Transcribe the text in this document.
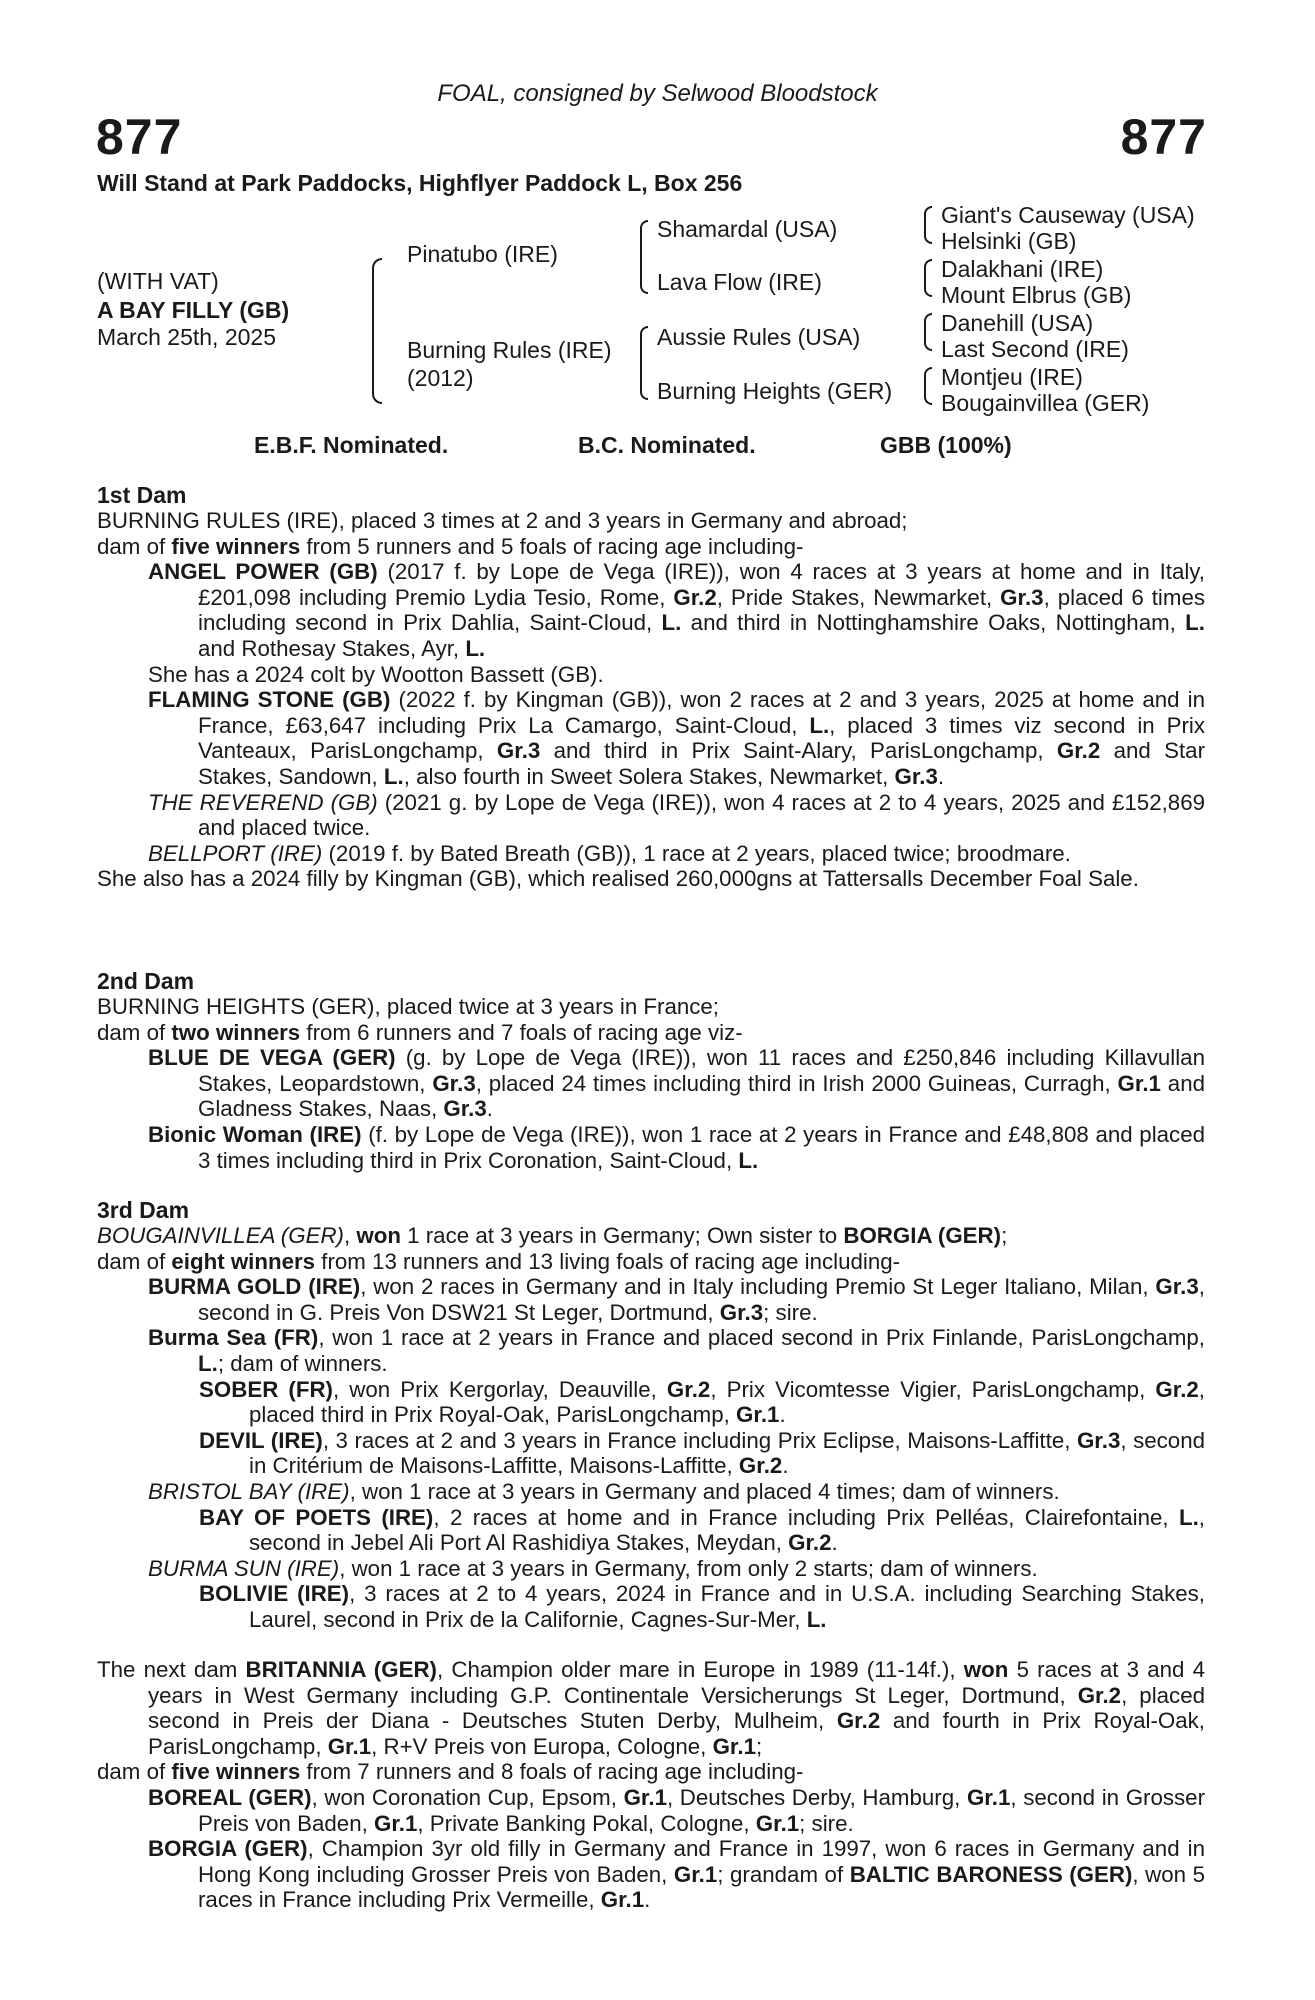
FOAL, consigned by Selwood Bloodstock
877	877
Will Stand at Park Paddocks, Highflyer Paddock L, Box 256
(WITH VAT)
A BAY FILLY (GB)
March 25th, 2025
Pinatubo (IRE)
Burning Rules (IRE)
(2012)
Shamardal (USA)
Lava Flow (IRE)
Aussie Rules (USA)
Burning Heights (GER)
Giant's Causeway (USA)
Helsinki (GB)
Dalakhani (IRE)
Mount Elbrus (GB)
Danehill (USA)
Last Second (IRE)
Montjeu (IRE)
Bougainvillea (GER)
E.B.F. Nominated.	B.C. Nominated.	GBB (100%)

1st Dam

BURNING RULES (IRE), placed 3 times at 2 and 3 years in Germany and abroad;

dam of five winners from 5 runners and 5 foals of racing age including-

ANGEL POWER (GB) (2017 f. by Lope de Vega (IRE)), won 4 races at 3 years at home and in Italy, £201,098 including Premio Lydia Tesio, Rome, Gr.2, Pride Stakes, Newmarket, Gr.3, placed 6 times including second in Prix Dahlia, Saint-Cloud, L. and third in Nottinghamshire Oaks, Nottingham, L. and Rothesay Stakes, Ayr, L.

She has a 2024 colt by Wootton Bassett (GB).

FLAMING STONE (GB) (2022 f. by Kingman (GB)), won 2 races at 2 and 3 years, 2025 at home and in France, £63,647 including Prix La Camargo, Saint-Cloud, L., placed 3 times viz second in Prix Vanteaux, ParisLongchamp, Gr.3 and third in Prix Saint-Alary, ParisLongchamp, Gr.2 and Star Stakes, Sandown, L., also fourth in Sweet Solera Stakes, Newmarket, Gr.3.

THE REVEREND (GB) (2021 g. by Lope de Vega (IRE)), won 4 races at 2 to 4 years, 2025 and £152,869 and placed twice.

BELLPORT (IRE) (2019 f. by Bated Breath (GB)), 1 race at 2 years, placed twice; broodmare.

She also has a 2024 filly by Kingman (GB), which realised 260,000gns at Tattersalls December Foal Sale.

2nd Dam

BURNING HEIGHTS (GER), placed twice at 3 years in France;

dam of two winners from 6 runners and 7 foals of racing age viz-

BLUE DE VEGA (GER) (g. by Lope de Vega (IRE)), won 11 races and £250,846 including Killavullan Stakes, Leopardstown, Gr.3, placed 24 times including third in Irish 2000 Guineas, Curragh, Gr.1 and Gladness Stakes, Naas, Gr.3.

Bionic Woman (IRE) (f. by Lope de Vega (IRE)), won 1 race at 2 years in France and £48,808 and placed 3 times including third in Prix Coronation, Saint-Cloud, L.

3rd Dam

BOUGAINVILLEA (GER), won 1 race at 3 years in Germany; Own sister to BORGIA (GER);

dam of eight winners from 13 runners and 13 living foals of racing age including-

BURMA GOLD (IRE), won 2 races in Germany and in Italy including Premio St Leger Italiano, Milan, Gr.3, second in G. Preis Von DSW21 St Leger, Dortmund, Gr.3; sire.

Burma Sea (FR), won 1 race at 2 years in France and placed second in Prix Finlande, ParisLongchamp, L.; dam of winners.

SOBER (FR), won Prix Kergorlay, Deauville, Gr.2, Prix Vicomtesse Vigier, ParisLongchamp, Gr.2, placed third in Prix Royal-Oak, ParisLongchamp, Gr.1.

DEVIL (IRE), 3 races at 2 and 3 years in France including Prix Eclipse, Maisons-Laffitte, Gr.3, second in Critérium de Maisons-Laffitte, Maisons-Laffitte, Gr.2.

BRISTOL BAY (IRE), won 1 race at 3 years in Germany and placed 4 times; dam of winners.

BAY OF POETS (IRE), 2 races at home and in France including Prix Pelléas, Clairefontaine, L., second in Jebel Ali Port Al Rashidiya Stakes, Meydan, Gr.2.

BURMA SUN (IRE), won 1 race at 3 years in Germany, from only 2 starts; dam of winners.

BOLIVIE (IRE), 3 races at 2 to 4 years, 2024 in France and in U.S.A. including Searching Stakes, Laurel, second in Prix de la Californie, Cagnes-Sur-Mer, L.

The next dam BRITANNIA (GER), Champion older mare in Europe in 1989 (11-14f.), won 5 races at 3 and 4 years in West Germany including G.P. Continentale Versicherungs St Leger, Dortmund, Gr.2, placed second in Preis der Diana - Deutsches Stuten Derby, Mulheim, Gr.2 and fourth in Prix Royal-Oak, ParisLongchamp, Gr.1, R+V Preis von Europa, Cologne, Gr.1;

dam of five winners from 7 runners and 8 foals of racing age including-

BOREAL (GER), won Coronation Cup, Epsom, Gr.1, Deutsches Derby, Hamburg, Gr.1, second in Grosser Preis von Baden, Gr.1, Private Banking Pokal, Cologne, Gr.1; sire.

BORGIA (GER), Champion 3yr old filly in Germany and France in 1997, won 6 races in Germany and in Hong Kong including Grosser Preis von Baden, Gr.1; grandam of BALTIC BARONESS (GER), won 5 races in France including Prix Vermeille, Gr.1.
